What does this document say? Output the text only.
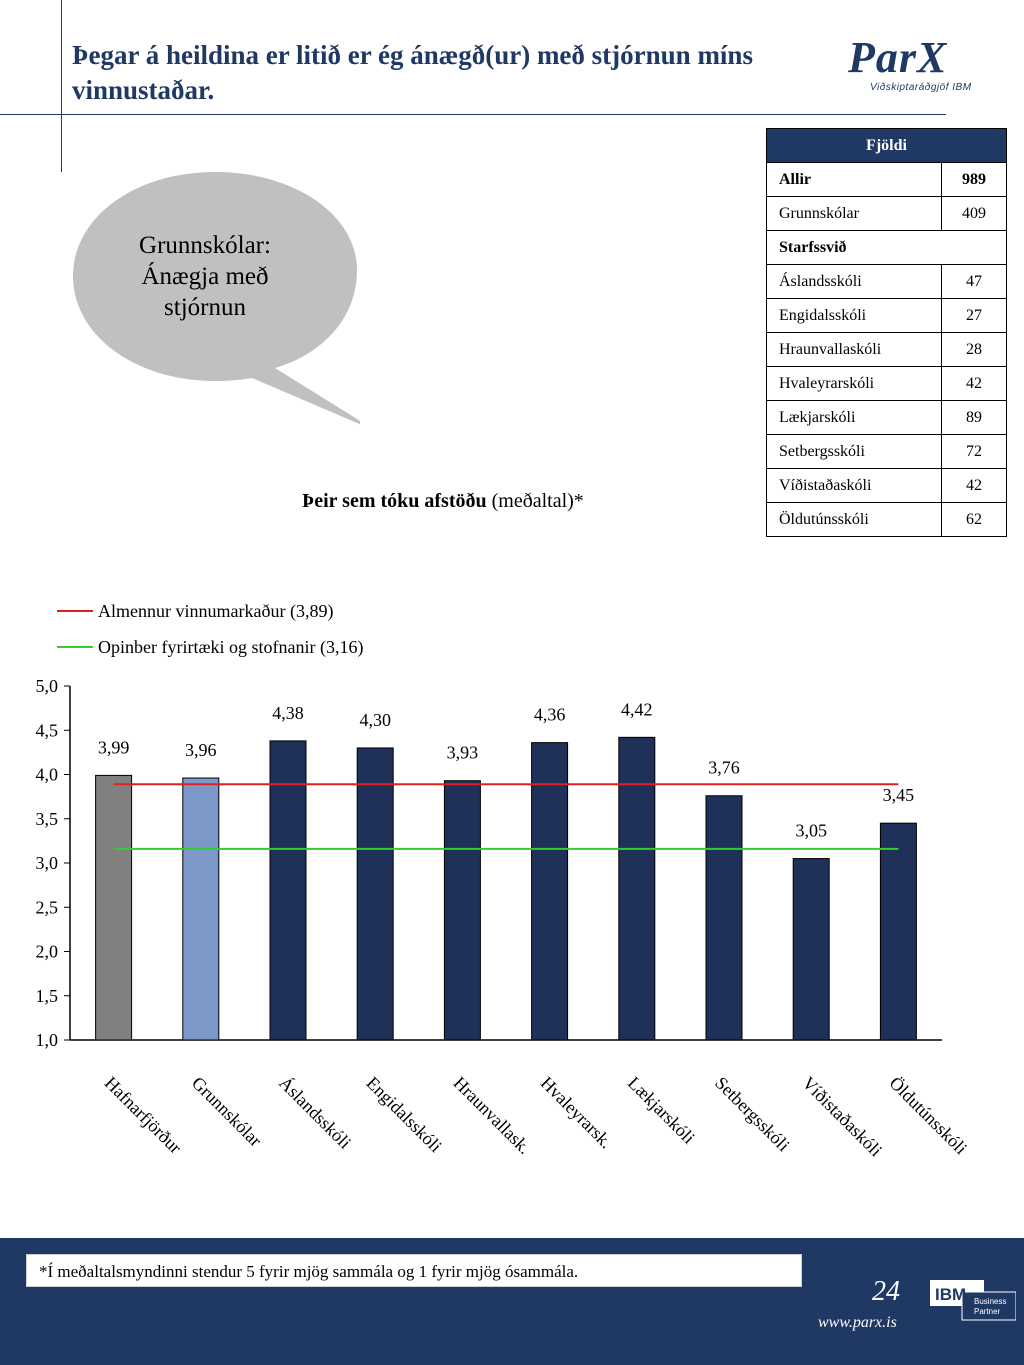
Þegar á heildina er litið er ég ánægð(ur) með stjórnun míns vinnustaðar.
ParX
Viðskiptaráðgjöf IBM
Grunnskólar: Ánægja með stjórnun
Fjöldi	
Allir	989
Grunnskólar	409
Starfssvið	
Áslandsskóli	47
Engidalsskóli	27
Hraunvallaskóli	28
Hvaleyrarskóli	42
Lækjarskóli	89
Setbergsskóli	72
Víðistaðaskóli	42
Öldutúnsskóli	62
Þeir sem tóku afstöðu (meðaltal)*
Almennur vinnumarkaður (3,89)
Opinber fyrirtæki og stofnanir (3,16)
1,0
1,5
2,0
2,5
3,0
3,5
4,0
4,5
5,0
3,99
Hafnarfjörður
3,96
Grunnskólar
4,38
Áslandsskóli
4,30
Engidalsskóli
3,93
Hraunvallask.
4,36
Hvaleyrarsk.
4,42
Lækjarskóli
3,76
Setbergsskóli
3,05
Víðistaðaskóli
3,45
Öldutúnsskóli
*Í meðaltalsmyndinni stendur 5 fyrir mjög sammála og 1 fyrir mjög ósammála.
24
www.parx.is
IBM Business
Partner
